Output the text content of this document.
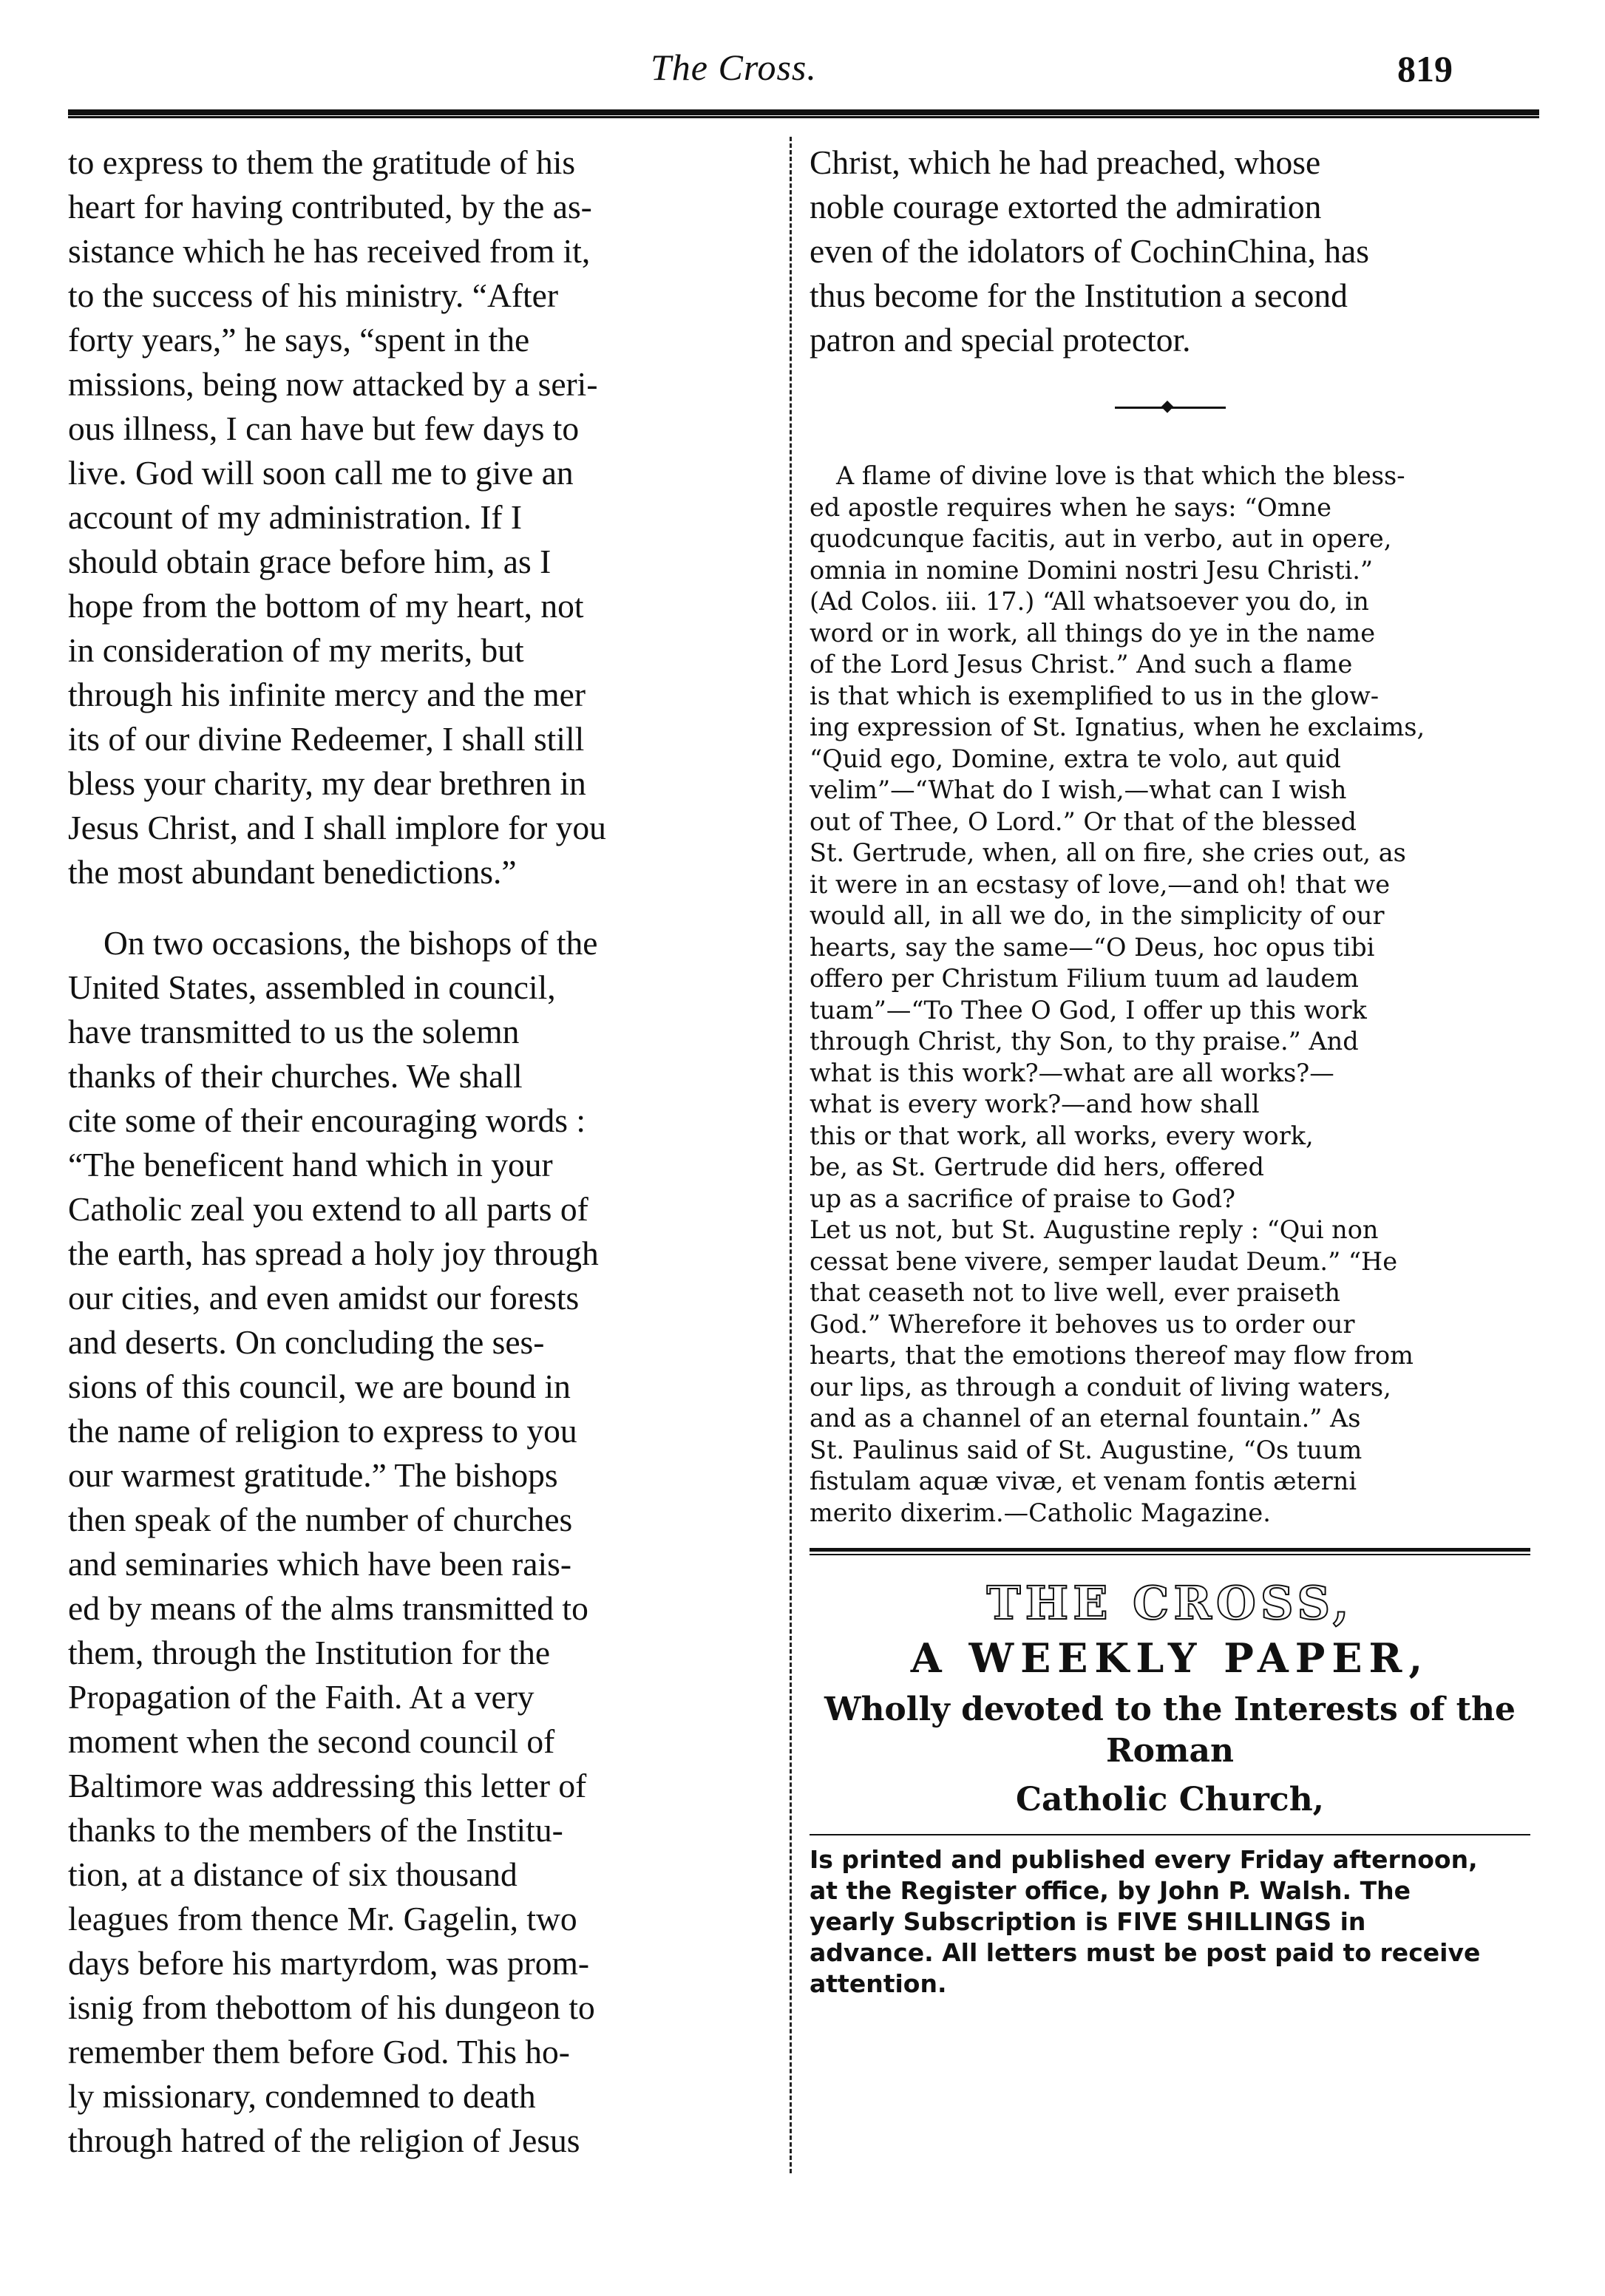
The Cross.	819
to express to them the gratitude of his
heart for having contributed, by the as-
sistance which he has received from it,
to the success of his ministry. “After
forty years,” he says, “spent in the
missions, being now attacked by a seri-
ous illness, I can have but few days to
live. God will soon call me to give an
account of my administration. If I
should obtain grace before him, as I
hope from the bottom of my heart, not
in consideration of my merits, but
through his infinite mercy and the mer
its of our divine Redeemer, I shall still
bless your charity, my dear brethren in
Jesus Christ, and I shall implore for you
the most abundant benedictions.”
On two occasions, the bishops of the
United States, assembled in council,
have transmitted to us the solemn
thanks of their churches. We shall
cite some of their encouraging words :
“The beneficent hand which in your
Catholic zeal you extend to all parts of
the earth, has spread a holy joy through
our cities, and even amidst our forests
and deserts. On concluding the ses-
sions of this council, we are bound in
the name of religion to express to you
our warmest gratitude.” The bishops
then speak of the number of churches
and seminaries which have been rais-
ed by means of the alms transmitted to
them, through the Institution for the
Propagation of the Faith. At a very
moment when the second council of
Baltimore was addressing this letter of
thanks to the members of the Institu-
tion, at a distance of six thousand
leagues from thence Mr. Gagelin, two
days before his martyrdom, was prom-
isnig from thebottom of his dungeon to
remember them before God. This ho-
ly missionary, condemned to death
through hatred of the religion of Jesus
Christ, which he had preached, whose
noble courage extorted the admiration
even of the idolators of CochinChina, has
thus become for the Institution a second
patron and special protector.
◆
A flame of divine love is that which the bless-
ed apostle requires when he says: “Omne
quodcunque facitis, aut in verbo, aut in opere,
omnia in nomine Domini nostri Jesu Christi.”
(Ad Colos. iii. 17.) “All whatsoever you do, in
word or in work, all things do ye in the name
of the Lord Jesus Christ.” And such a flame
is that which is exemplified to us in the glow-
ing expression of St. Ignatius, when he exclaims,
“Quid ego, Domine, extra te volo, aut quid
velim”—“What do I wish,—what can I wish
out of Thee, O Lord.” Or that of the blessed
St. Gertrude, when, all on fire, she cries out, as
it were in an ecstasy of love,—and oh! that we
would all, in all we do, in the simplicity of our
hearts, say the same—“O Deus, hoc opus tibi
offero per Christum Filium tuum ad laudem
tuam”—“To Thee O God, I offer up this work
through Christ, thy Son, to thy praise.” And
what is this work?—what are all works?—
what is every work?—and how shall
this or that work, all works, every work,
be, as St. Gertrude did hers, offered
up as a sacrifice of praise to God?
Let us not, but St. Augustine reply : “Qui non
cessat bene vivere, semper laudat Deum.” “He
that ceaseth not to live well, ever praiseth
God.” Wherefore it behoves us to order our
hearts, that the emotions thereof may flow from
our lips, as through a conduit of living waters,
and as a channel of an eternal fountain.” As
St. Paulinus said of St. Augustine, “Os tuum
fistulam aquæ vivæ, et venam fontis æterni
merito dixerim.—Catholic Magazine.
THE CROSS,
A WEEKLY PAPER,
Wholly devoted to the Interests of the Roman
Catholic Church,
Is printed and published every Friday afternoon,
at the Register office, by John P. Walsh. The
yearly Subscription is FIVE SHILLINGS in
advance. All letters must be post paid to receive
attention.
